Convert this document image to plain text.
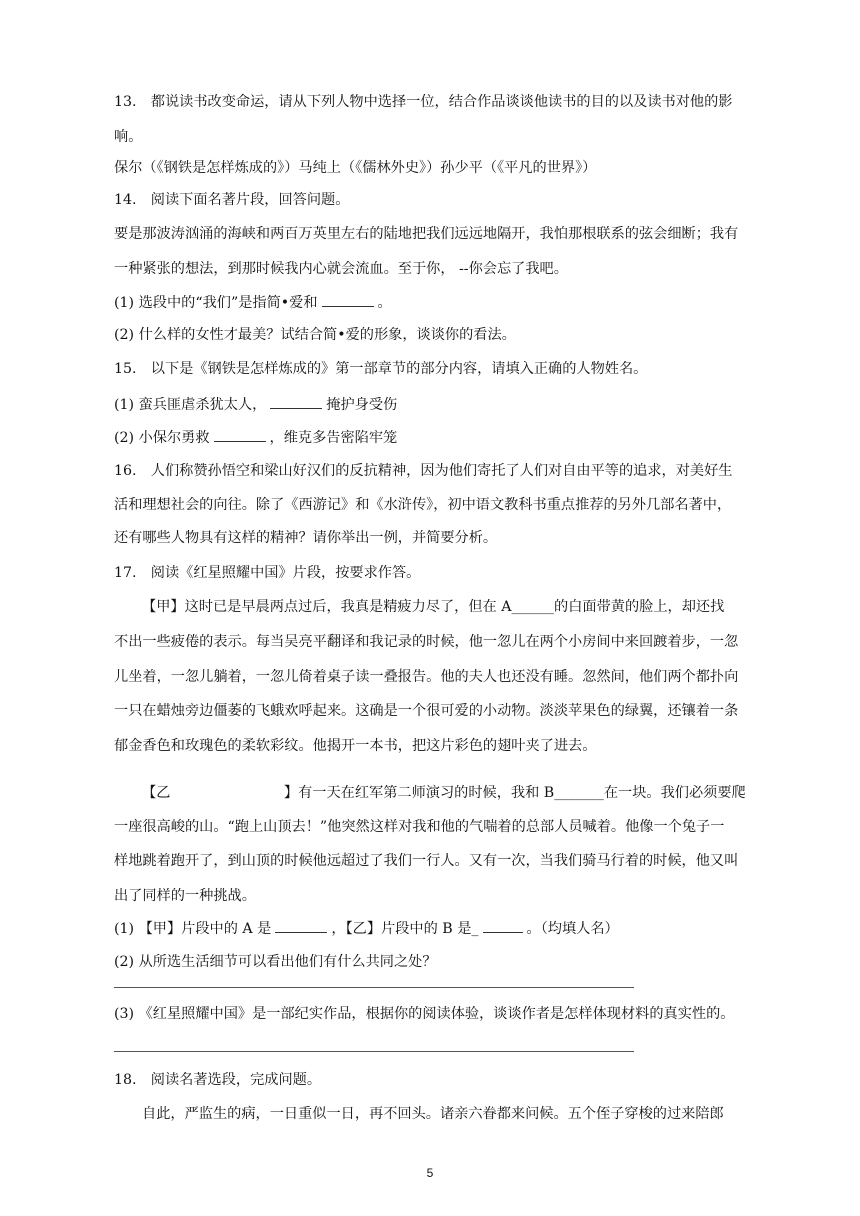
13.　都说读书改变命运，请从下列人物中选择一位，结合作品谈谈他读书的目的以及读书对他的影
响。
保尔（《钢铁是怎样炼成的》）马纯上（《儒林外史》）孙少平（《平凡的世界》）
14.　阅读下面名著片段，回答问题。
要是那波涛汹涌的海峡和两百万英里左右的陆地把我们远远地隔开，我怕那根联系的弦会细断；我有
一种紧张的想法，到那时候我内心就会流血。至于你， --你会忘了我吧。
(1) 选段中的“我们”是指简•爱和	。
(2) 什么样的女性才最美？试结合简•爱的形象，谈谈你的看法。
15.　以下是《钢铁是怎样炼成的》第一部章节的部分内容，请填入正确的人物姓名。
(1) 蛮兵匪虐杀犹太人，	掩护身受伤
(2) 小保尔勇救	，维克多告密陷牢笼
16.　人们称赞孙悟空和梁山好汉们的反抗精神，因为他们寄托了人们对自由平等的追求，对美好生
活和理想社会的向往。除了《西游记》和《水浒传》，初中语文教科书重点推荐的另外几部名著中，
还有哪些人物具有这样的精神？请你举出一例，并简要分析。
17.　阅读《红星照耀中国》片段，按要求作答。
【甲】这时已是早晨两点过后，我真是精疲力尽了，但在 A______的白面带黄的脸上，却还找
不出一些疲倦的表示。每当吴亮平翻译和我记录的时候，他一忽儿在两个小房间中来回踱着步，一忽
儿坐着，一忽儿躺着，一忽儿倚着桌子读一叠报告。他的夫人也还没有睡。忽然间，他们两个都扑向
一只在蜡烛旁边僵萎的飞蛾欢呼起来。这确是一个很可爱的小动物。淡淡苹果色的绿翼，还镶着一条
郁金香色和玫瑰色的柔软彩纹。他揭开一本书，把这片彩色的翅叶夹了进去。
【乙　　　　　　　　】有一天在红军第二师演习的时候，我和 B_______在一块。我们必须要爬
一座很高峻的山。“跑上山顶去！”他突然这样对我和他的气喘着的总部人员喊着。他像一个兔子一
样地跳着跑开了，到山顶的时候他远超过了我们一行人。又有一次，当我们骑马行着的时候，他又叫
出了同样的一种挑战。
(1) 【甲】片段中的 A 是	，【乙】片段中的 B 是_	。（均填人名）
(2) 从所选生活细节可以看出他们有什么共同之处？
(3) 《红星照耀中国》是一部纪实作品，根据你的阅读体验，谈谈作者是怎样体现材料的真实性的。
18.　阅读名著选段，完成问题。
自此，严监生的病，一日重似一日，再不回头。诸亲六眷都来问候。五个侄子穿梭的过来陪郎
5
